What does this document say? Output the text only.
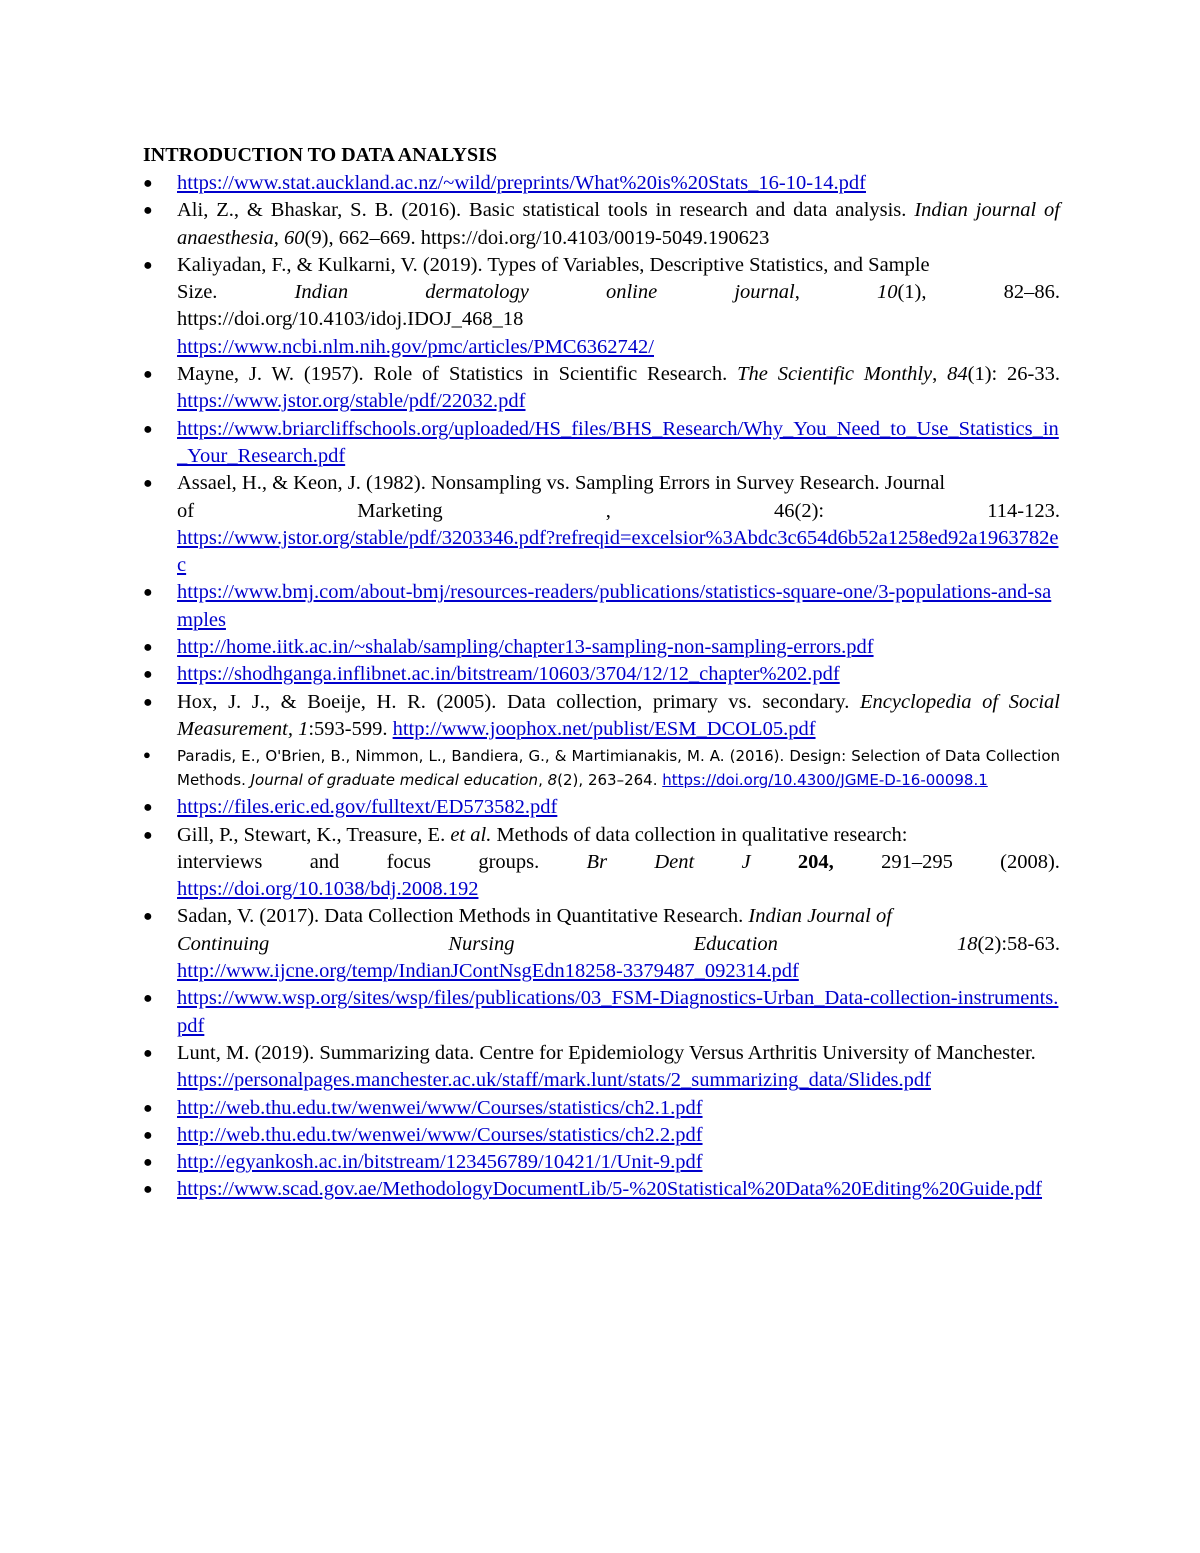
INTRODUCTION TO DATA ANALYSIS
● https://www.stat.auckland.ac.nz/~wild/preprints/What%20is%20Stats_16-10-14.pdf
● Ali, Z., & Bhaskar, S. B. (2016). Basic statistical tools in research and data analysis. Indian journal of anaesthesia, 60(9), 662–669. https://doi.org/10.4103/0019-5049.190623
● Kaliyadan, F., & Kulkarni, V. (2019). Types of Variables, Descriptive Statistics, and Sample
Size.	Indian	dermatology	online	journal,	10(1),	82–86.
https://doi.org/10.4103/idoj.IDOJ_468_18
https://www.ncbi.nlm.nih.gov/pmc/articles/PMC6362742/
● Mayne, J. W. (1957). Role of Statistics in Scientific Research. The Scientific Monthly, 84(1): 26-33. https://www.jstor.org/stable/pdf/22032.pdf
● https://www.briarcliffschools.org/uploaded/HS_files/BHS_Research/Why_You_Need_to_Use_Statistics_in_Your_Research.pdf
● Assael, H., & Keon, J. (1982). Nonsampling vs. Sampling Errors in Survey Research. Journal
of	Marketing	,	46(2):	114-123.
https://www.jstor.org/stable/pdf/3203346.pdf?refreqid=excelsior%3Abdc3c654d6b52a1258ed92a1963782ec
● https://www.bmj.com/about-bmj/resources-readers/publications/statistics-square-one/3-populations-and-samples
● http://home.iitk.ac.in/~shalab/sampling/chapter13-sampling-non-sampling-errors.pdf
● https://shodhganga.inflibnet.ac.in/bitstream/10603/3704/12/12_chapter%202.pdf
● Hox, J. J., & Boeije, H. R. (2005). Data collection, primary vs. secondary. Encyclopedia of Social Measurement, 1:593-599. http://www.joophox.net/publist/ESM_DCOL05.pdf
● Paradis, E., O'Brien, B., Nimmon, L., Bandiera, G., & Martimianakis, M. A. (2016). Design: Selection of Data Collection Methods. Journal of graduate medical education, 8(2), 263–264. https://doi.org/10.4300/JGME-D-16-00098.1
● https://files.eric.ed.gov/fulltext/ED573582.pdf
● Gill, P., Stewart, K., Treasure, E. et al. Methods of data collection in qualitative research:
interviews and focus groups. Br Dent J 204, 291–295 (2008).
https://doi.org/10.1038/bdj.2008.192
● Sadan, V. (2017). Data Collection Methods in Quantitative Research. Indian Journal of
Continuing	Nursing	Education	18(2):58-63.
http://www.ijcne.org/temp/IndianJContNsgEdn18258-3379487_092314.pdf
● https://www.wsp.org/sites/wsp/files/publications/03_FSM-Diagnostics-Urban_Data-collection-instruments.pdf
● Lunt, M. (2019). Summarizing data. Centre for Epidemiology Versus Arthritis University of Manchester.
https://personalpages.manchester.ac.uk/staff/mark.lunt/stats/2_summarizing_data/Slides.pdf
● http://web.thu.edu.tw/wenwei/www/Courses/statistics/ch2.1.pdf
● http://web.thu.edu.tw/wenwei/www/Courses/statistics/ch2.2.pdf
● http://egyankosh.ac.in/bitstream/123456789/10421/1/Unit-9.pdf
● https://www.scad.gov.ae/MethodologyDocumentLib/5-%20Statistical%20Data%20Editing%20Guide.pdf
